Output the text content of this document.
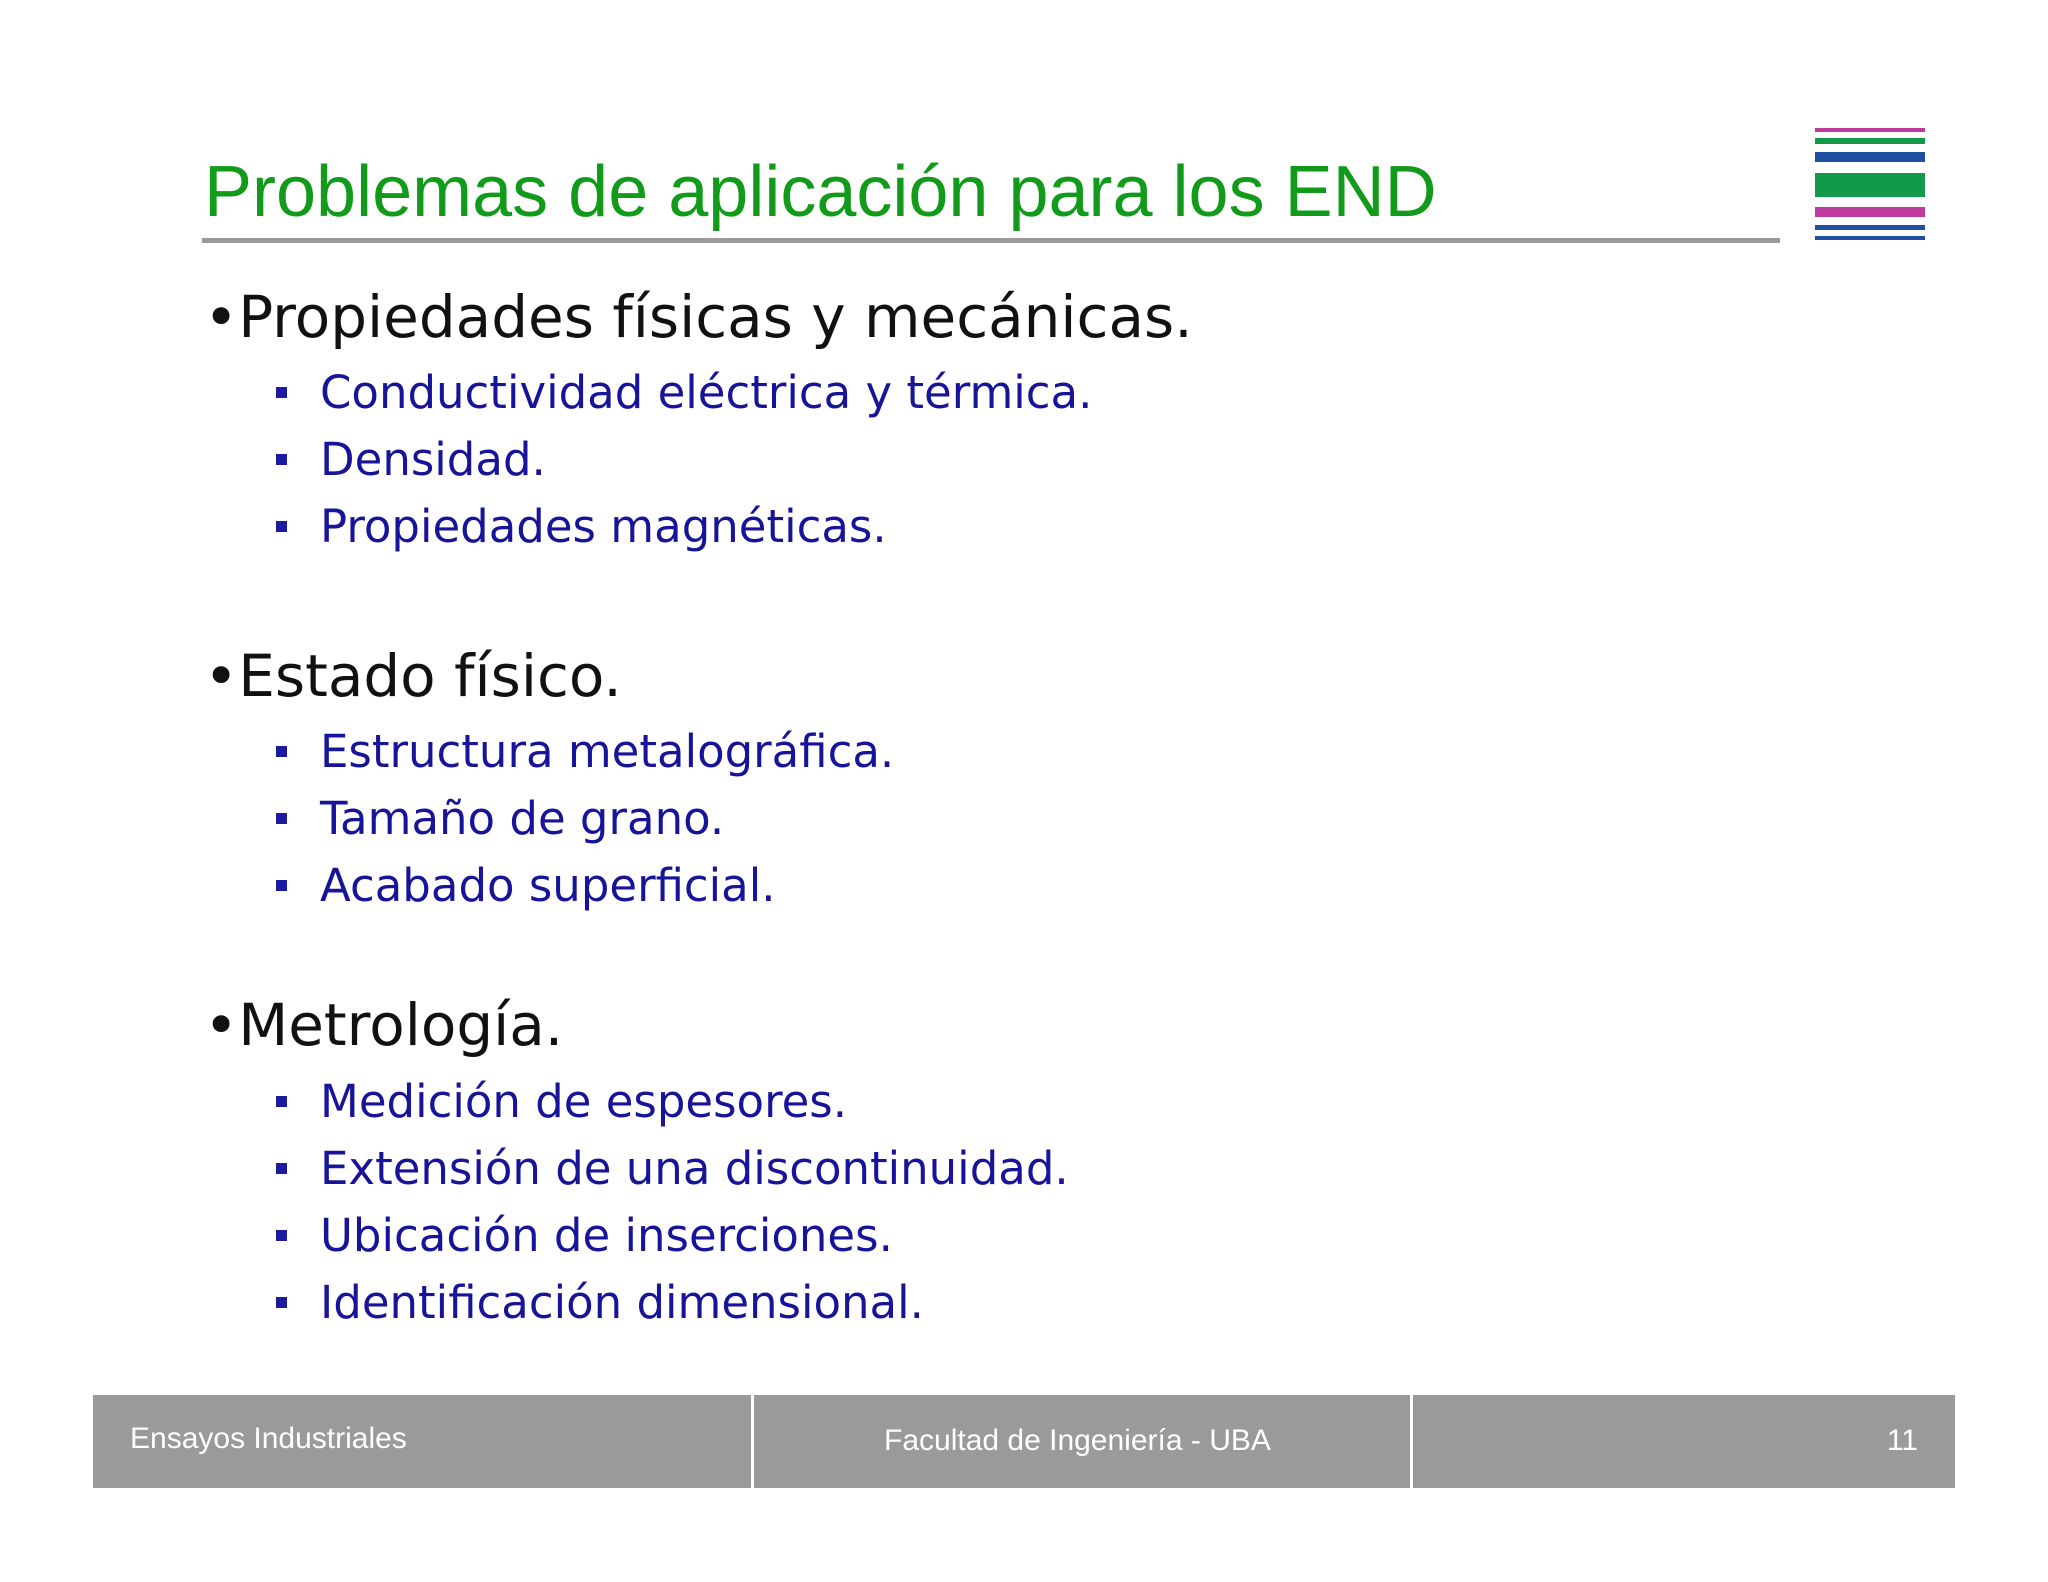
Problemas de aplicación para los END
•Propiedades físicas y mecánicas.
Conductividad eléctrica y térmica.
Densidad.
Propiedades magnéticas.
•Estado físico.
Estructura metalográfica.
Tamaño de grano.
Acabado superficial.
•Metrología.
Medición de espesores.
Extensión de una discontinuidad.
Ubicación de inserciones.
Identificación dimensional.
Ensayos Industriales	Facultad de Ingeniería - UBA	11
